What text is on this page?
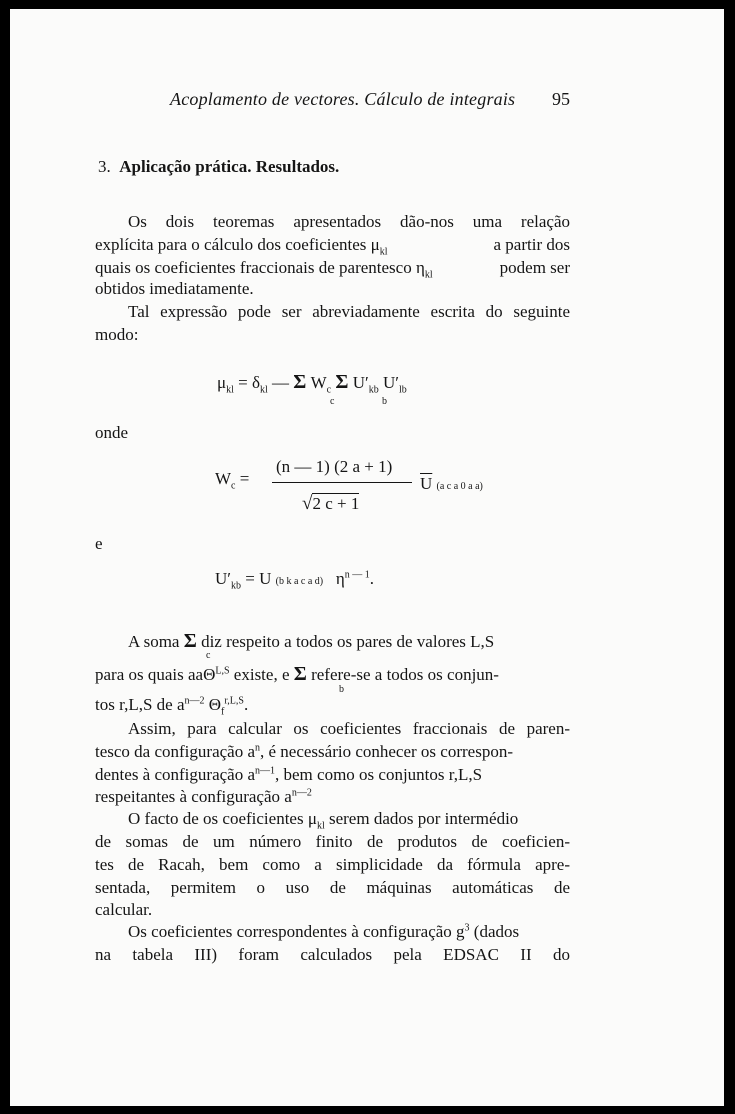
Acoplamento de vectores. Cálculo de integrais 95
3. Aplicação prática. Resultados.
Os dois teoremas apresentados dão-nos uma relação
explícita para o cálculo dos coeficientes $\mu_{kl}$	a partir dos
quais os coeficientes fraccionais de parentesco $\eta_{kl}$	podem ser
obtidos imediatamente.
Tal expressão pode ser abreviadamente escrita do seguinte
modo:
$\mu_{kl} = \delta_{kl}$ — Σ $W_c$ Σ $U'_{kb}$ $U'_{lb}$
c	b
onde
$W_c$ =
(n — 1) (2 a + 1)
√2 c + 1
$\overline{U}$ (a c a 0 a a)
e
$U'_{kb} = U$ (b k a c a d) $\eta^{n — 1}$.
A soma Σ diz respeito a todos os pares de valores L,S
c
para os quais aaΘ$^{L,S}$ existe, e Σ refere-se a todos os conjun-
b
tos r,L,S de $a^{n—2}$ $\Theta_f^{r,L,S}$.
Assim, para calcular os coeficientes fraccionais de paren-
tesco da configuração $a^n$, é necessário conhecer os correspon-
dentes à configuração $a^{n—1}$, bem como os conjuntos r,L,S
respeitantes à configuração $a^{n—2}$
O facto de os coeficientes $\mu_{kl}$ serem dados por intermédio
de somas de um número finito de produtos de coeficien-
tes de Racah, bem como a simplicidade da fórmula apre-
sentada, permitem o uso de máquinas automáticas de
calcular.
Os coeficientes correspondentes à configuração $g^3$ (dados
na tabela III) foram calculados pela EDSAC II do
